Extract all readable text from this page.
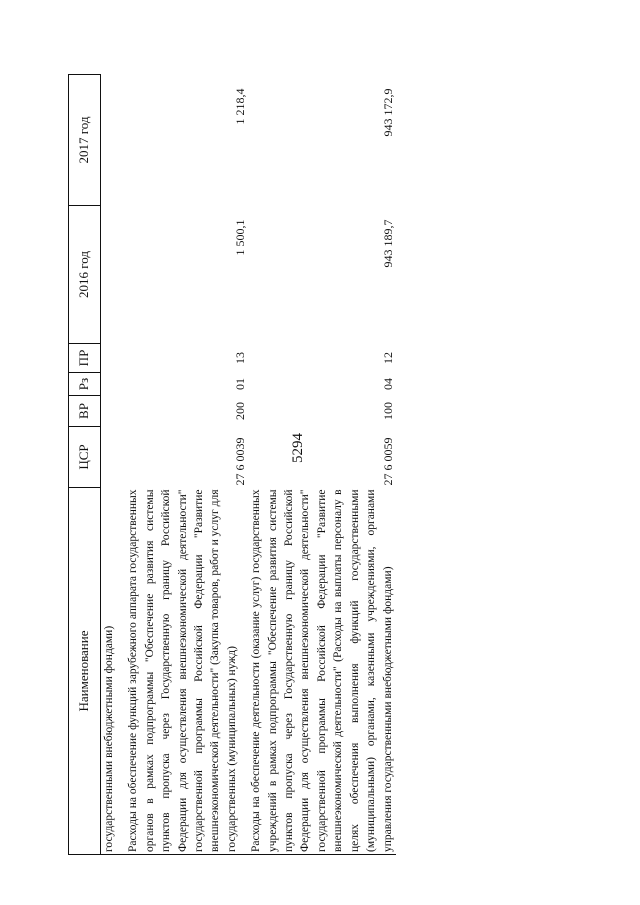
5294
Наименование	ЦСР	ВР	Рз	ПР	2016 год	2017 год
государственными внебюджетными фондами)						
Расходы на обеспечение функций зарубежного аппарата государственных органов в рамках подпрограммы "Обеспечение развития системы пунктов пропуска через Государственную границу Российской Федерации для осуществления внешнеэкономической деятельности" государственной программы Российской Федерации "Развитие внешнеэкономической деятельности" (Закупка товаров, работ и услуг для государственных (муниципальных) нужд)	27 6 0039	200	01	13	1 500,1	1 218,4
Расходы на обеспечение деятельности (оказание услуг) государственных учреждений в рамках подпрограммы "Обеспечение развития системы пунктов пропуска через Государственную границу Российской Федерации для осуществления внешнеэкономической деятельности" государственной программы Российской Федерации "Развитие внешнеэкономической деятельности" (Расходы на выплаты персоналу в целях обеспечения выполнения функций государственными (муниципальными) органами, казенными учреждениями, органами управления государственными внебюджетными фондами)	27 6 0059	100	04	12	943 189,7	943 172,9
